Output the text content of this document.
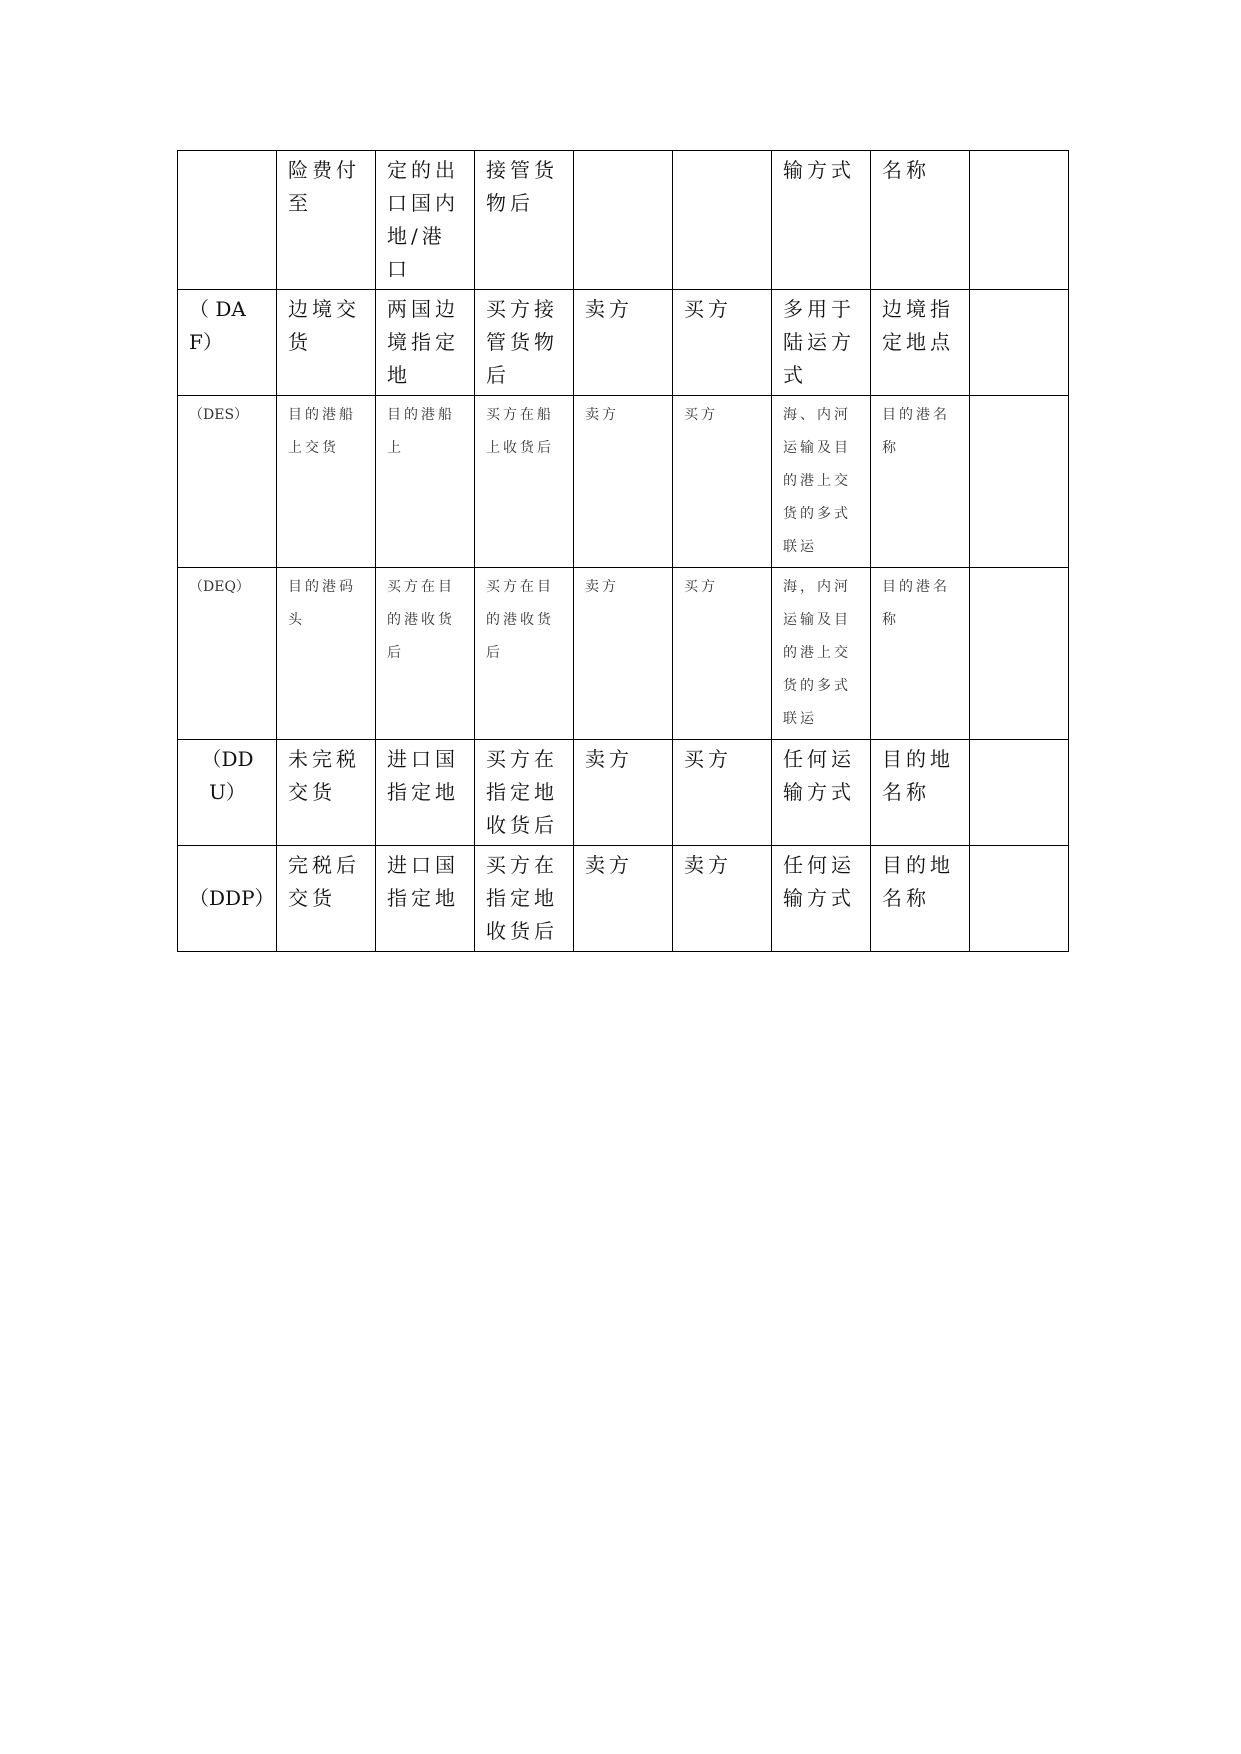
	险费付至	定的出口国内地/港口	接管货物后			输方式	名称	

（ DAF）	边境交货	两国边境指定地	买方接管货物后	卖方	买方	多用于陆运方式	边境指定地点	

（DES）	目的港船上交货	目的港船上	买方在船上收货后	卖方	买方	海、内河运输及目的港上交货的多式联运	目的港名称	

（DEQ）	目的港码头	买方在目的港收货后	买方在目的港收货后	卖方	买方	海，内河运输及目的港上交货的多式联运	目的港名称	

（DDU）	未完税交货	进口国指定地	买方在指定地收货后	卖方	买方	任何运输方式	目的地名称	

（DDP）	完税后交货	进口国指定地	买方在指定地收货后	卖方	卖方	任何运输方式	目的地名称	
